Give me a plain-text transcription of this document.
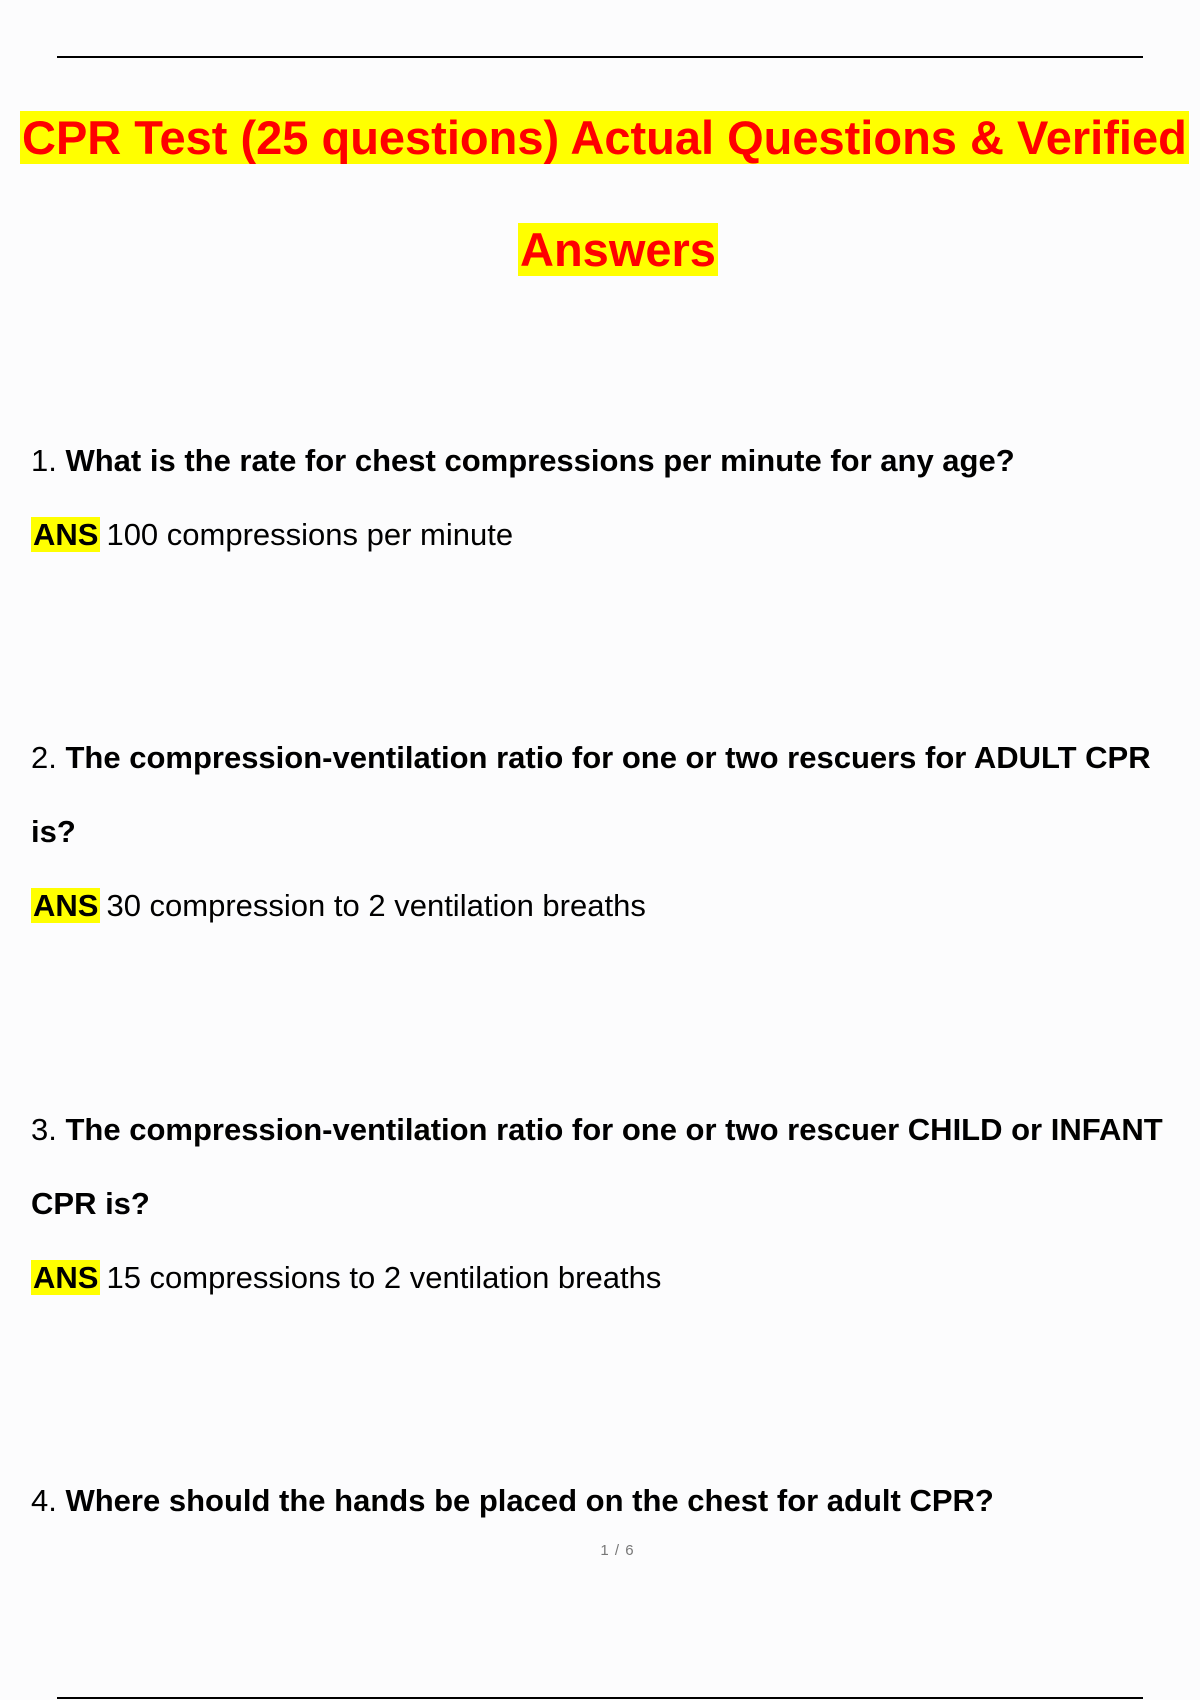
CPR Test (25 questions) Actual Questions & Verified
Answers

1. What is the rate for chest compressions per minute for any age?

ANS 100 compressions per minute

2. The compression-ventilation ratio for one or two rescuers for ADULT CPR

is?

ANS 30 compression to 2 ventilation breaths

3. The compression-ventilation ratio for one or two rescuer CHILD or INFANT

CPR is?

ANS 15 compressions to 2 ventilation breaths

4. Where should the hands be placed on the chest for adult CPR?

1 / 6
